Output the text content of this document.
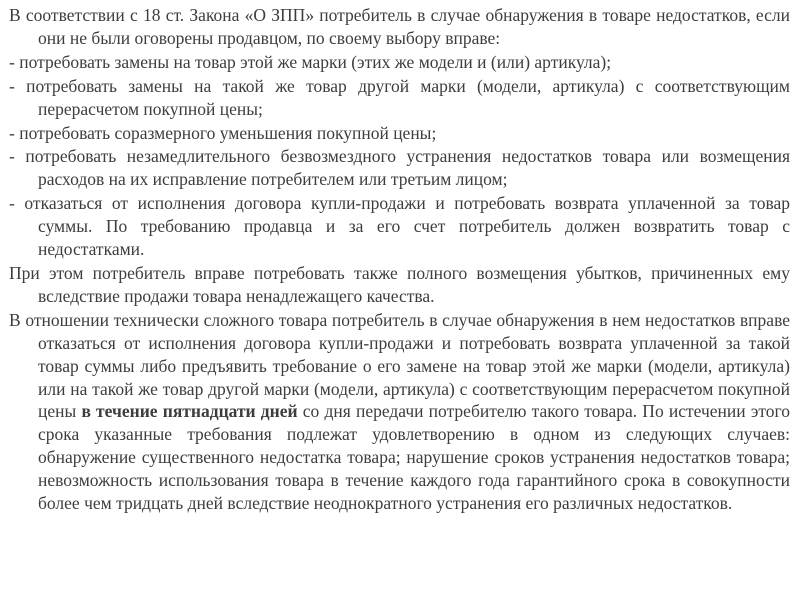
В соответствии с 18 ст. Закона «О ЗПП» потребитель в случае обнаружения в товаре недостатков, если они не были оговорены продавцом, по своему выбору вправе:

- потребовать замены на товар этой же марки (этих же модели и (или) артикула);

- потребовать замены на такой же товар другой марки (модели, артикула) с соответствующим перерасчетом покупной цены;

- потребовать соразмерного уменьшения покупной цены;

- потребовать незамедлительного безвозмездного устранения недостатков товара или возмещения расходов на их исправление потребителем или третьим лицом;

- отказаться от исполнения договора купли-продажи и потребовать возврата уплаченной за товар суммы. По требованию продавца и за его счет потребитель должен возвратить товар с недостатками.

При этом потребитель вправе потребовать также полного возмещения убытков, причиненных ему вследствие продажи товара ненадлежащего качества.

В отношении технически сложного товара потребитель в случае обнаружения в нем недостатков вправе отказаться от исполнения договора купли-продажи и потребовать возврата уплаченной за такой товар суммы либо предъявить требование о его замене на товар этой же марки (модели, артикула) или на такой же товар другой марки (модели, артикула) с соответствующим перерасчетом покупной цены в течение пятнадцати дней со дня передачи потребителю такого товара. По истечении этого срока указанные требования подлежат удовлетворению в одном из следующих случаев: обнаружение существенного недостатка товара; нарушение сроков устранения недостатков товара; невозможность использования товара в течение каждого года гарантийного срока в совокупности более чем тридцать дней вследствие неоднократного устранения его различных недостатков.
